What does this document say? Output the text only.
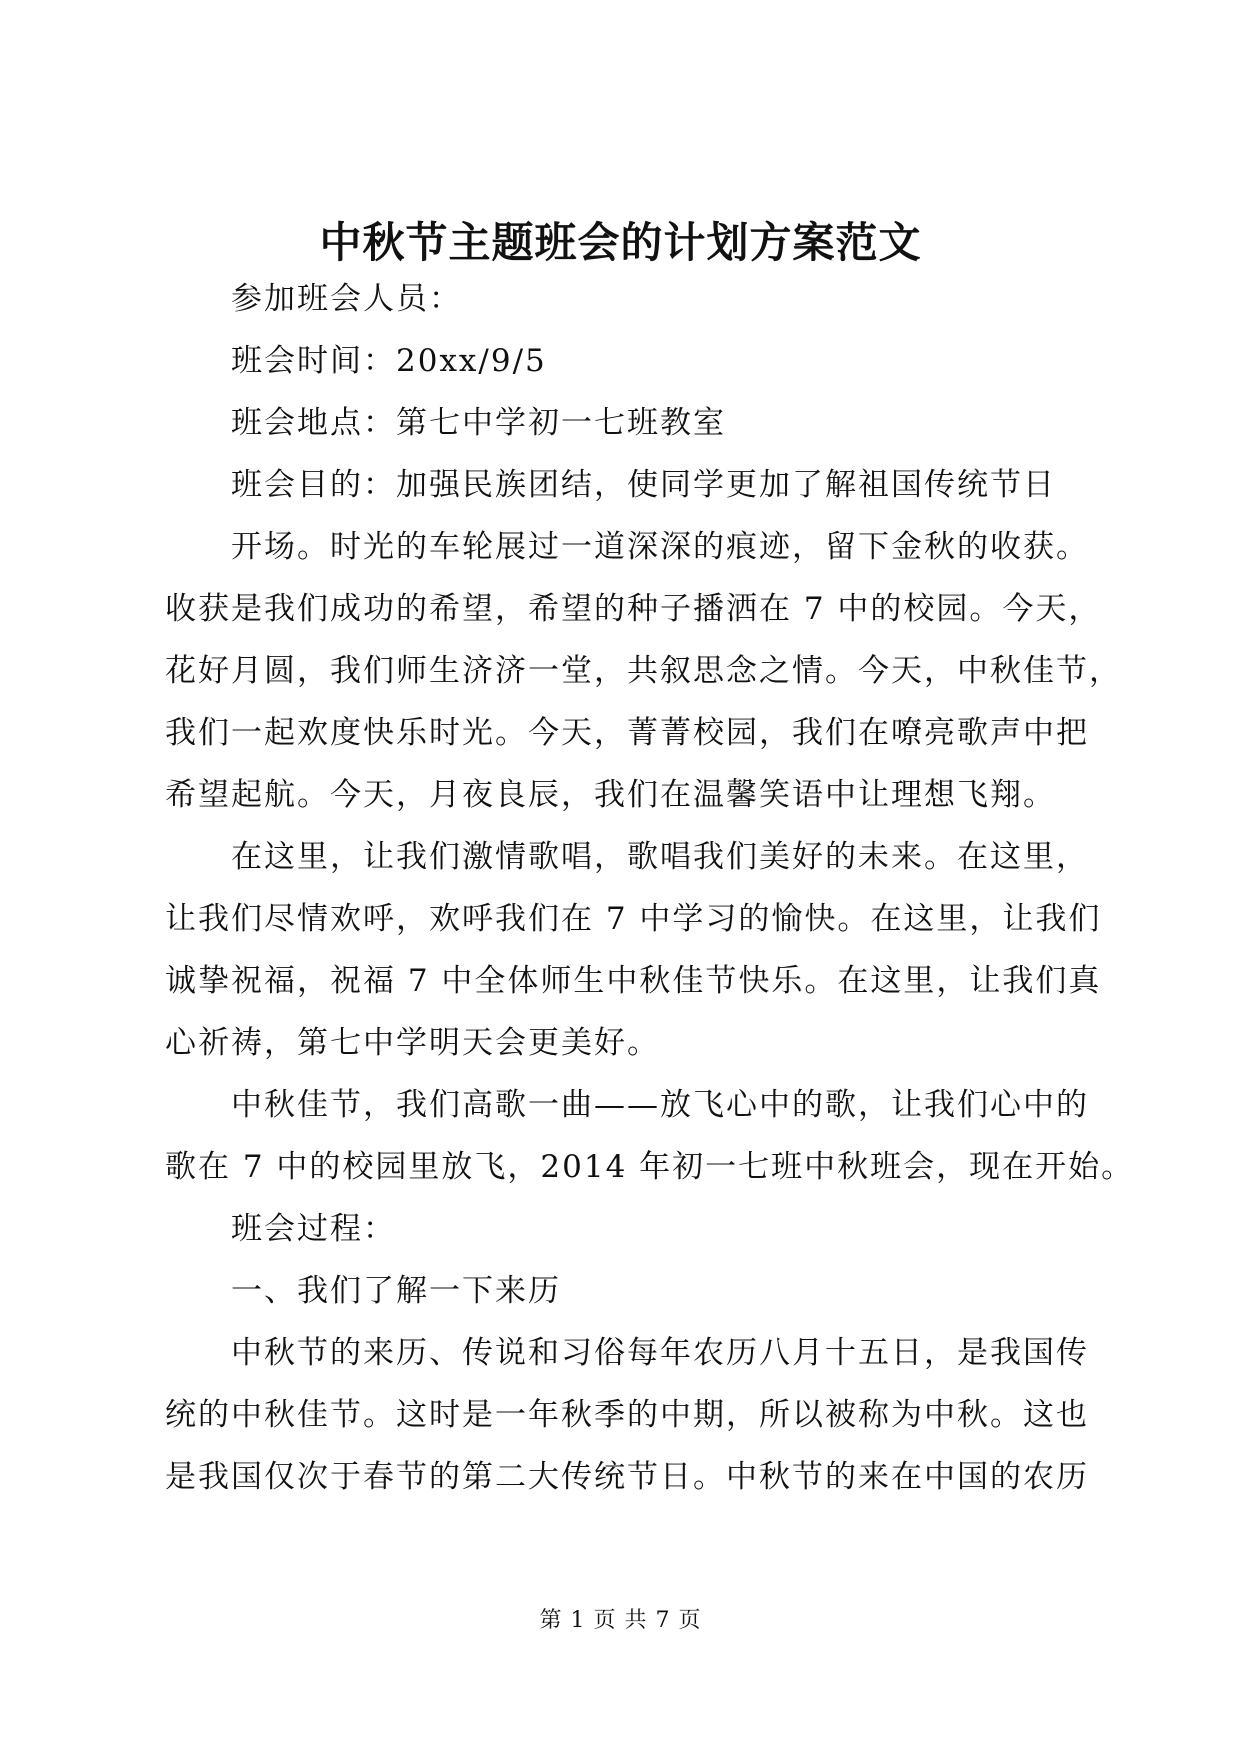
中秋节主题班会的计划方案范文
参加班会人员：
班会时间：20xx/9/5
班会地点：第七中学初一七班教室
班会目的：加强民族团结，使同学更加了解祖国传统节日
开场。时光的车轮展过一道深深的痕迹，留下金秋的收获。
收获是我们成功的希望，希望的种子播洒在 7 中的校园。今天，
花好月圆，我们师生济济一堂，共叙思念之情。今天，中秋佳节，
我们一起欢度快乐时光。今天，菁菁校园，我们在嘹亮歌声中把
希望起航。今天，月夜良辰，我们在温馨笑语中让理想飞翔。
在这里，让我们激情歌唱，歌唱我们美好的未来。在这里，
让我们尽情欢呼，欢呼我们在 7 中学习的愉快。在这里，让我们
诚挚祝福，祝福 7 中全体师生中秋佳节快乐。在这里，让我们真
心祈祷，第七中学明天会更美好。
中秋佳节，我们高歌一曲——放飞心中的歌，让我们心中的
歌在 7 中的校园里放飞，2014 年初一七班中秋班会，现在开始。
班会过程：
一、我们了解一下来历
中秋节的来历、传说和习俗每年农历八月十五日，是我国传
统的中秋佳节。这时是一年秋季的中期，所以被称为中秋。这也
是我国仅次于春节的第二大传统节日。中秋节的来在中国的农历
第 1 页 共 7 页
